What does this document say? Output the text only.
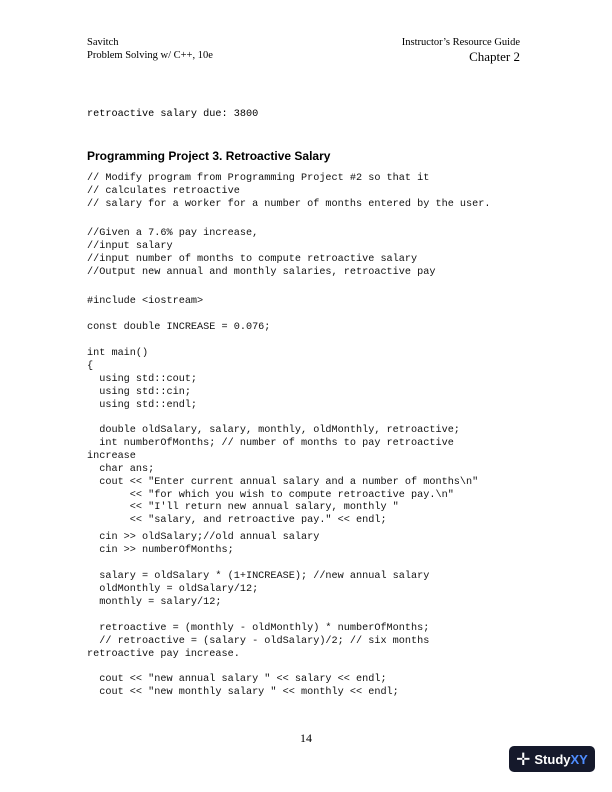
Savitch
Problem Solving w/ C++, 10e
Instructor’s Resource Guide
Chapter 2
retroactive salary due: 3800
Programming Project 3. Retroactive Salary
// Modify program from Programming Project #2 so that it
// calculates retroactive
// salary for a worker for a number of months entered by the user.
//Given a 7.6% pay increase,
//input salary
//input number of months to compute retroactive salary
//Output new annual and monthly salaries, retroactive pay
#include <iostream>
const double INCREASE = 0.076;
int main()
{
using std::cout;
using std::cin;
using std::endl;
double oldSalary, salary, monthly, oldMonthly, retroactive;
int numberOfMonths; // number of months to pay retroactive
increase
char ans;
cout << "Enter current annual salary and a number of months\n"
<< "for which you wish to compute retroactive pay.\n"
<< "I'll return new annual salary, monthly "
<< "salary, and retroactive pay." << endl;
cin >> oldSalary;//old annual salary
cin >> numberOfMonths;
salary = oldSalary * (1+INCREASE); //new annual salary
oldMonthly = oldSalary/12;
monthly = salary/12;
retroactive = (monthly - oldMonthly) * numberOfMonths;
// retroactive = (salary - oldSalary)/2; // six months
retroactive pay increase.
cout << "new annual salary " << salary << endl;
cout << "new monthly salary " << monthly << endl;
14
✛ StudyXY
